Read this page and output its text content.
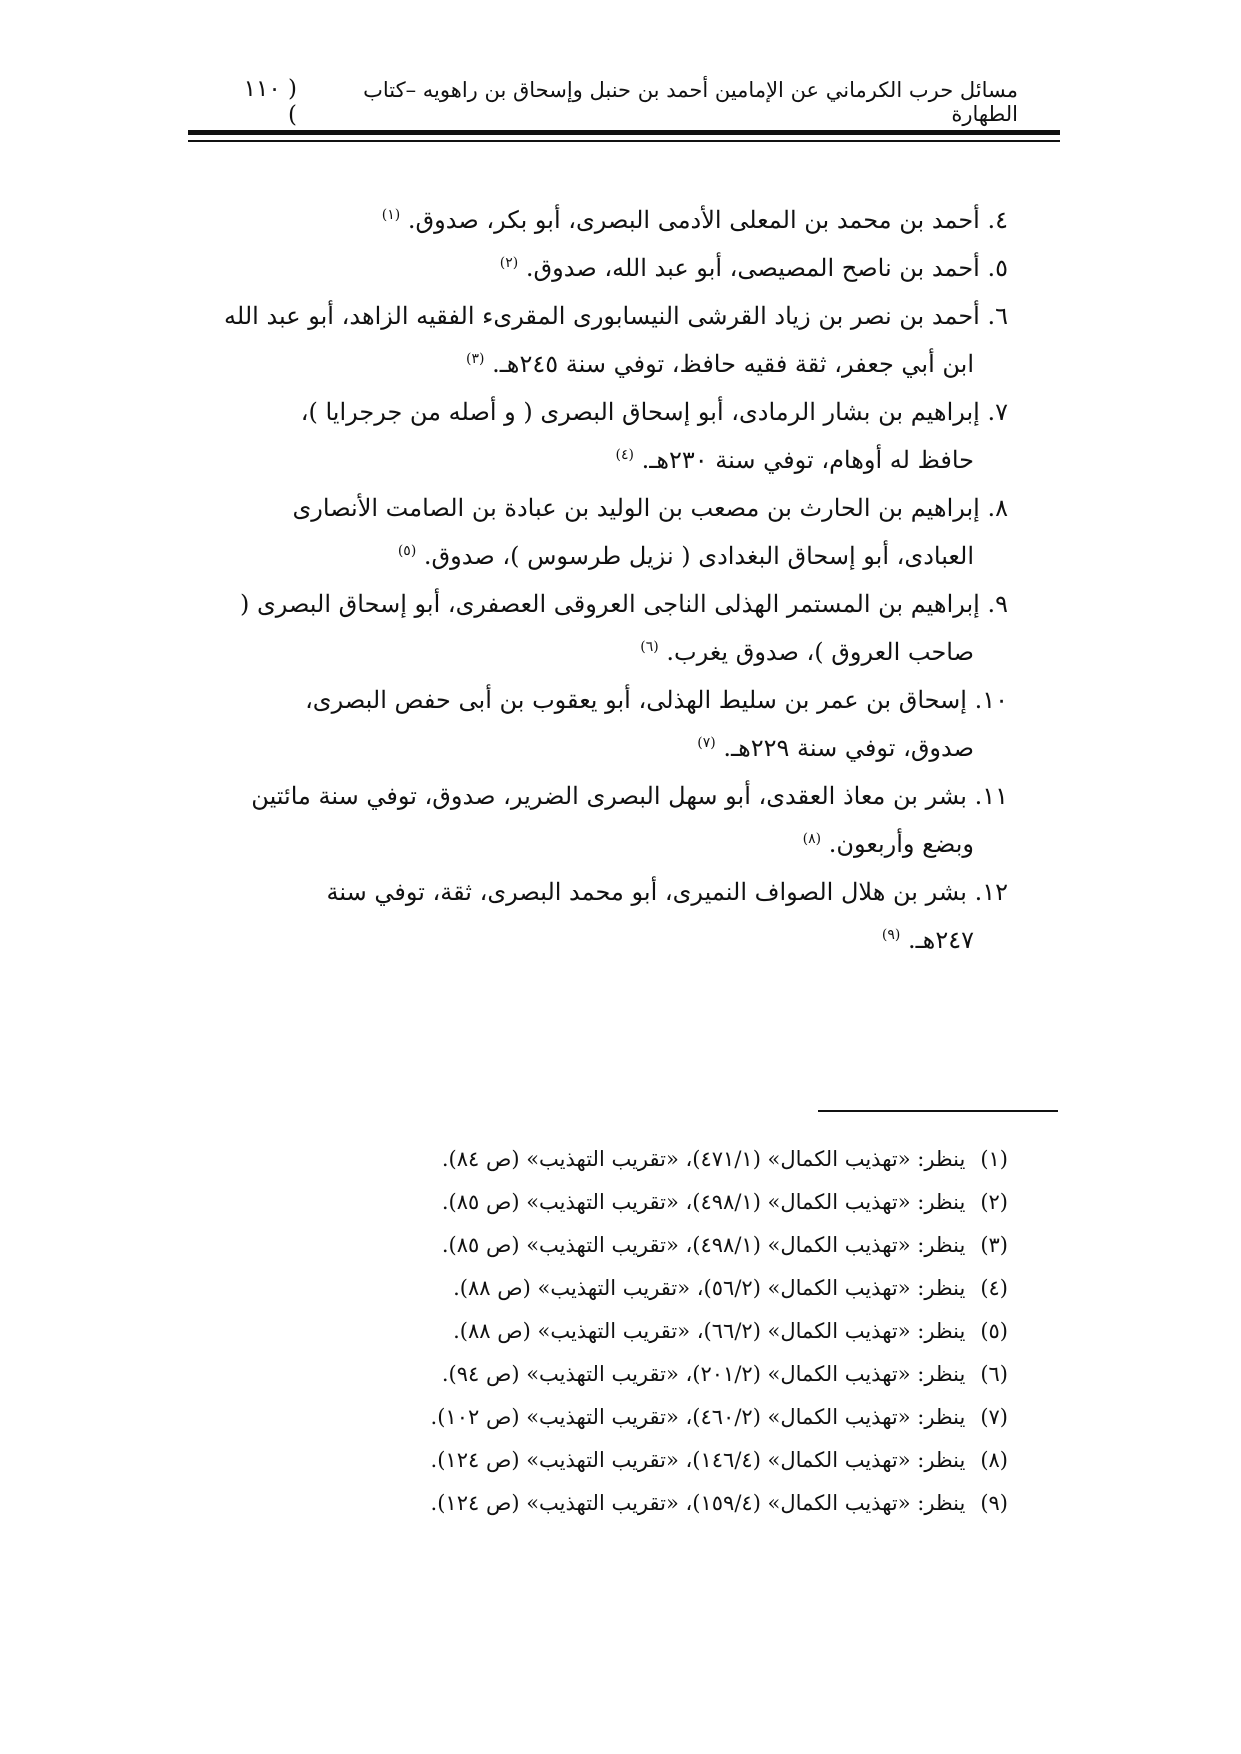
مسائل حرب الكرماني عن الإمامين أحمد بن حنبل وإسحاق بن راهويه –كتاب الطهارة
( ١١٠ )

٤. أحمد بن محمد بن المعلى الأدمى البصرى، أبو بكر، صدوق. $^{(١)}$

٥. أحمد بن ناصح المصيصى، أبو عبد الله، صدوق. $^{(٢)}$

٦. أحمد بن نصر بن زياد القرشى النيسابورى المقرىء الفقيه الزاهد، أبو عبد الله

ابن أبي جعفر، ثقة فقيه حافظ، توفي سنة ٢٤٥هـ. $^{(٣)}$

٧. إبراهيم بن بشار الرمادى، أبو إسحاق البصرى ( و أصله من جرجرايا )،

حافظ له أوهام، توفي سنة ٢٣٠هـ. $^{(٤)}$

٨. إبراهيم بن الحارث بن مصعب بن الوليد بن عبادة بن الصامت الأنصارى

العبادى، أبو إسحاق البغدادى ( نزيل طرسوس )، صدوق. $^{(٥)}$

٩. إبراهيم بن المستمر الهذلى الناجى العروقى العصفرى، أبو إسحاق البصرى (

صاحب العروق )، صدوق يغرب. $^{(٦)}$

١٠. إسحاق بن عمر بن سليط الهذلى، أبو يعقوب بن أبى حفص البصرى،

صدوق، توفي سنة ٢٢٩هـ. $^{(٧)}$

١١. بشر بن معاذ العقدى، أبو سهل البصرى الضرير، صدوق، توفي سنة مائتين

وبضع وأربعون. $^{(٨)}$

١٢. بشر بن هلال الصواف النميرى، أبو محمد البصرى، ثقة، توفي سنة

٢٤٧هـ. $^{(٩)}$

(١) ينظر: «تهذيب الكمال» (٤٧١/١)، «تقريب التهذيب» (ص ٨٤).

(٢) ينظر: «تهذيب الكمال» (٤٩٨/١)، «تقريب التهذيب» (ص ٨٥).

(٣) ينظر: «تهذيب الكمال» (٤٩٨/١)، «تقريب التهذيب» (ص ٨٥).

(٤) ينظر: «تهذيب الكمال» (٥٦/٢)، «تقريب التهذيب» (ص ٨٨).

(٥) ينظر: «تهذيب الكمال» (٦٦/٢)، «تقريب التهذيب» (ص ٨٨).

(٦) ينظر: «تهذيب الكمال» (٢٠١/٢)، «تقريب التهذيب» (ص ٩٤).

(٧) ينظر: «تهذيب الكمال» (٤٦٠/٢)، «تقريب التهذيب» (ص ١٠٢).

(٨) ينظر: «تهذيب الكمال» (١٤٦/٤)، «تقريب التهذيب» (ص ١٢٤).

(٩) ينظر: «تهذيب الكمال» (١٥٩/٤)، «تقريب التهذيب» (ص ١٢٤).
